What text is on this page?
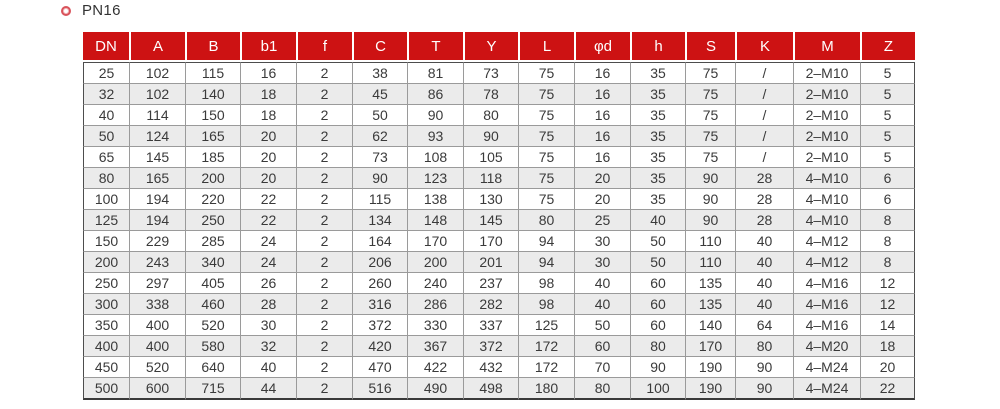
PN16
DN	A	B	b1	f	C	T	Y	L	φd	h	S	K	M	Z
25	102	115	16	2	38	81	73	75	16	35	75	/	2–M10	5
32	102	140	18	2	45	86	78	75	16	35	75	/	2–M10	5
40	114	150	18	2	50	90	80	75	16	35	75	/	2–M10	5
50	124	165	20	2	62	93	90	75	16	35	75	/	2–M10	5
65	145	185	20	2	73	108	105	75	16	35	75	/	2–M10	5
80	165	200	20	2	90	123	118	75	20	35	90	28	4–M10	6
100	194	220	22	2	115	138	130	75	20	35	90	28	4–M10	6
125	194	250	22	2	134	148	145	80	25	40	90	28	4–M10	8
150	229	285	24	2	164	170	170	94	30	50	110	40	4–M12	8
200	243	340	24	2	206	200	201	94	30	50	110	40	4–M12	8
250	297	405	26	2	260	240	237	98	40	60	135	40	4–M16	12
300	338	460	28	2	316	286	282	98	40	60	135	40	4–M16	12
350	400	520	30	2	372	330	337	125	50	60	140	64	4–M16	14
400	400	580	32	2	420	367	372	172	60	80	170	80	4–M20	18
450	520	640	40	2	470	422	432	172	70	90	190	90	4–M24	20
500	600	715	44	2	516	490	498	180	80	100	190	90	4–M24	22
